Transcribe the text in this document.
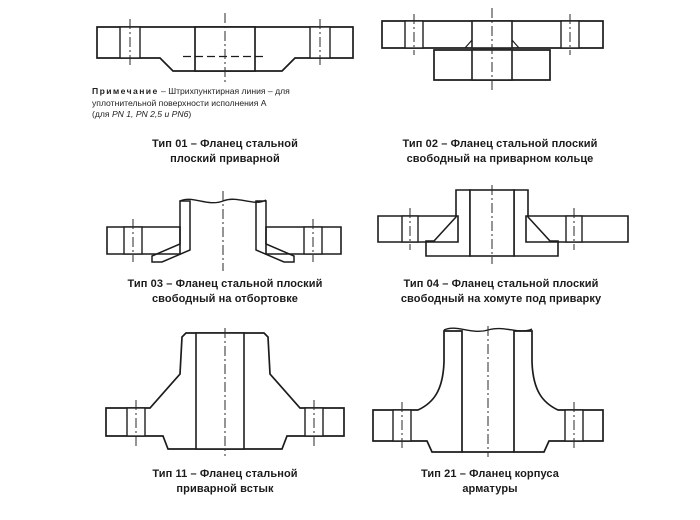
Примечание – Штрихпунктирная линия – для
уплотнительной поверхности исполнения А
(для PN 1, PN 2,5 и PN6)
Тип 01 – Фланец стальной
плоский приварной
Тип 02 – Фланец стальной плоский
свободный на приварном кольце
Тип 03 – Фланец стальной плоский
свободный на отбортовке
Тип 04 – Фланец стальной плоский
свободный на хомуте под приварку
Тип 11 – Фланец стальной
приварной встык
Тип 21 – Фланец корпуса
арматуры
